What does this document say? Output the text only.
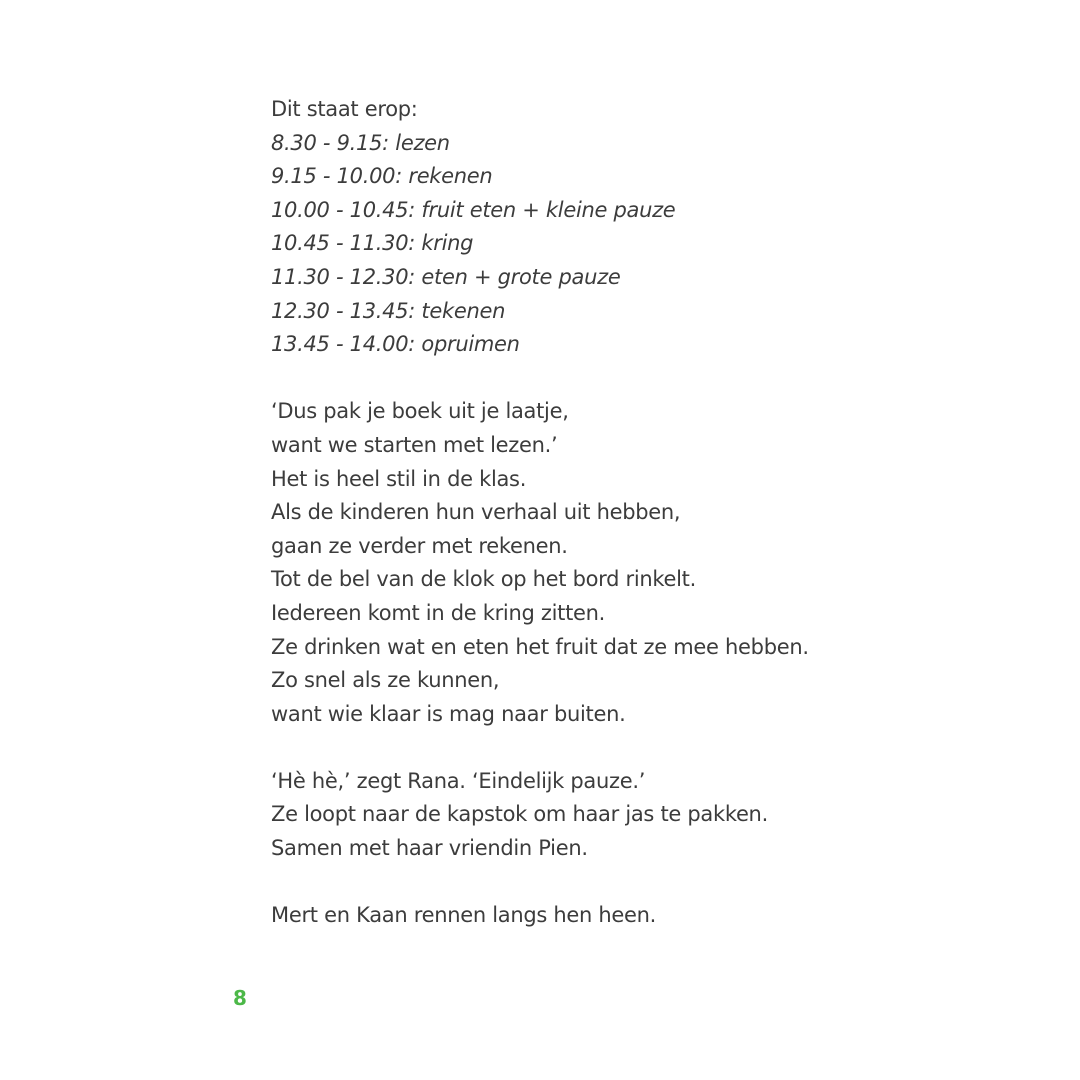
Dit staat erop:
8.30 - 9.15: lezen
9.15 - 10.00: rekenen
10.00 - 10.45: fruit eten + kleine pauze
10.45 - 11.30: kring
11.30 - 12.30: eten + grote pauze
12.30 - 13.45: tekenen
13.45 - 14.00: opruimen
‘Dus pak je boek uit je laatje,
want we starten met lezen.’
Het is heel stil in de klas.
Als de kinderen hun verhaal uit hebben,
gaan ze verder met rekenen.
Tot de bel van de klok op het bord rinkelt.
Iedereen komt in de kring zitten.
Ze drinken wat en eten het fruit dat ze mee hebben.
Zo snel als ze kunnen,
want wie klaar is mag naar buiten.
‘Hè hè,’ zegt Rana. ‘Eindelijk pauze.’
Ze loopt naar de kapstok om haar jas te pakken.
Samen met haar vriendin Pien.
Mert en Kaan rennen langs hen heen.
8
